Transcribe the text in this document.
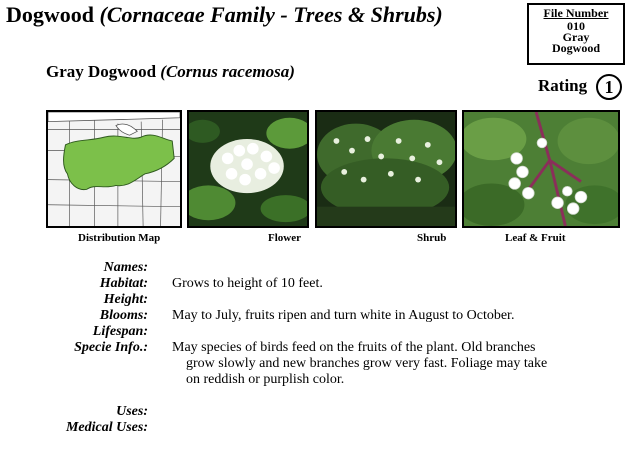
Dogwood (Cornaceae Family - Trees & Shrubs)	File Number
010
Gray
Dogwood
Gray Dogwood (Cornus racemosa)
Rating 1
Distribution Map	Flower	Shrub	Leaf & Fruit
Names:
Habitat: Grows to height of 10 feet.
Height:
Blooms: May to July, fruits ripen and turn white in August to October.
Lifespan:
Specie Info.: May species of birds feed on the fruits of the plant. Old branches
grow slowly and new branches grow very fast. Foliage may take
on reddish or purplish color.
Uses:
Medical Uses:
